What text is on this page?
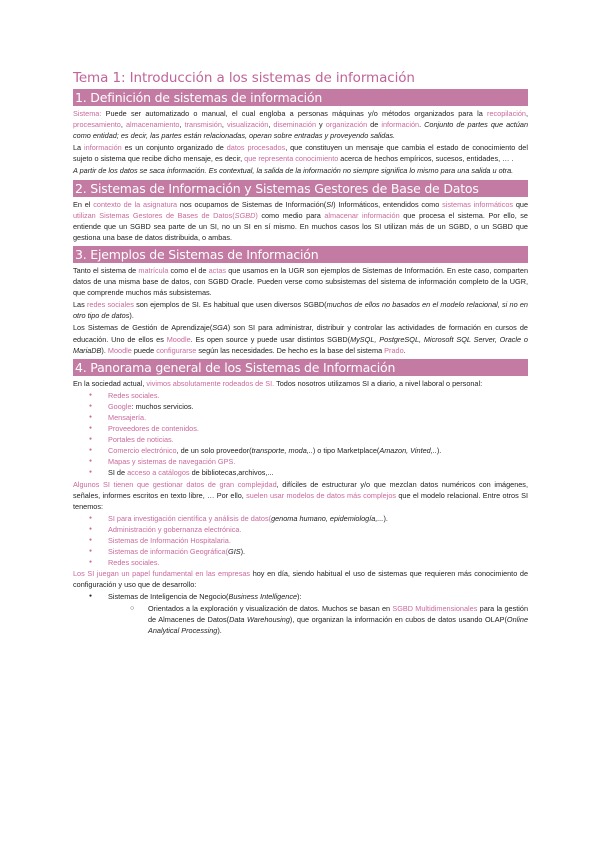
Tema 1: Introducción a los sistemas de información
1. Definición de sistemas de información

Sistema: Puede ser automatizado o manual, el cual engloba a personas máquinas y/o métodos organizados para la recopilación, procesamiento, almacenamiento, transmisión, visualización, diseminación y organización de información. Conjunto de partes que actúan como entidad; es decir, las partes están relacionadas, operan sobre entradas y proveyendo salidas.

La información es un conjunto organizado de datos procesados, que constituyen un mensaje que cambia el estado de conocimiento del sujeto o sistema que recibe dicho mensaje, es decir, que representa conocimiento acerca de hechos empíricos, sucesos, entidades, … .

A partir de los datos se saca información. Es contextual, la salida de la información no siempre significa lo mismo para una salida u otra.

2. Sistemas de Información y Sistemas Gestores de Base de Datos

En el contexto de la asignatura nos ocupamos de Sistemas de Información(SI) Informáticos, entendidos como sistemas informáticos que utilizan Sistemas Gestores de Bases de Datos(SGBD) como medio para almacenar información que procesa el sistema. Por ello, se entiende que un SGBD sea parte de un SI, no un SI en sí mismo. En muchos casos los SI utilizan más de un SGBD, o un SGBD que gestiona una base de datos distribuida, o ambas.

3. Ejemplos de Sistemas de Información

Tanto el sistema de matrícula como el de actas que usamos en la UGR son ejemplos de Sistemas de Información. En este caso, comparten datos de una misma base de datos, con SGBD Oracle. Pueden verse como subsistemas del sistema de información completo de la UGR, que comprende muchos más subsistemas.

Las redes sociales son ejemplos de SI. Es habitual que usen diversos SGBD(muchos de ellos no basados en el modelo relacional, si no en otro tipo de datos).

Los Sistemas de Gestión de Aprendizaje(SGA) son SI para administrar, distribuir y controlar las actividades de formación en cursos de educación. Uno de ellos es Moodle. Es open source y puede usar distintos SGBD(MySQL, PostgreSQL, Microsoft SQL Server, Oracle o MariaDB). Moodle puede configurarse según las necesidades. De hecho es la base del sistema Prado.

4. Panorama general de los Sistemas de Información

En la sociedad actual, vivimos absolutamente rodeados de SI. Todos nosotros utilizamos SI a diario, a nivel laboral o personal:

● Redes sociales.
● Google: muchos servicios.
● Mensajería.
● Proveedores de contenidos.
● Portales de noticias.
● Comercio electrónico, de un solo proveedor(transporte, moda,..) o tipo Marketplace(Amazon, Vinted,..).
● Mapas y sistemas de navegación GPS.
● SI de acceso a catálogos de bibliotecas,archivos,...

Algunos SI tienen que gestionar datos de gran complejidad, difíciles de estructurar y/o que mezclan datos numéricos con imágenes, señales, informes escritos en texto libre, … Por ello, suelen usar modelos de datos más complejos que el modelo relacional. Entre otros SI tenemos:

● SI para investigación científica y análisis de datos(genoma humano, epidemiología,...).
● Administración y gobernanza electrónica.
● Sistemas de Información Hospitalaria.
● Sistemas de información Geográfica(GIS).
● Redes sociales.

Los SI juegan un papel fundamental en las empresas hoy en día, siendo habitual el uso de sistemas que requieren más conocimiento de configuración y uso que de desarrollo:

● Sistemas de Inteligencia de Negocio(Business Intelligence):
○ Orientados a la exploración y visualización de datos. Muchos se basan en SGBD Multidimensionales para la gestión de Almacenes de Datos(Data Warehousing), que organizan la información en cubos de datos usando OLAP(Online Analytical Processing).
